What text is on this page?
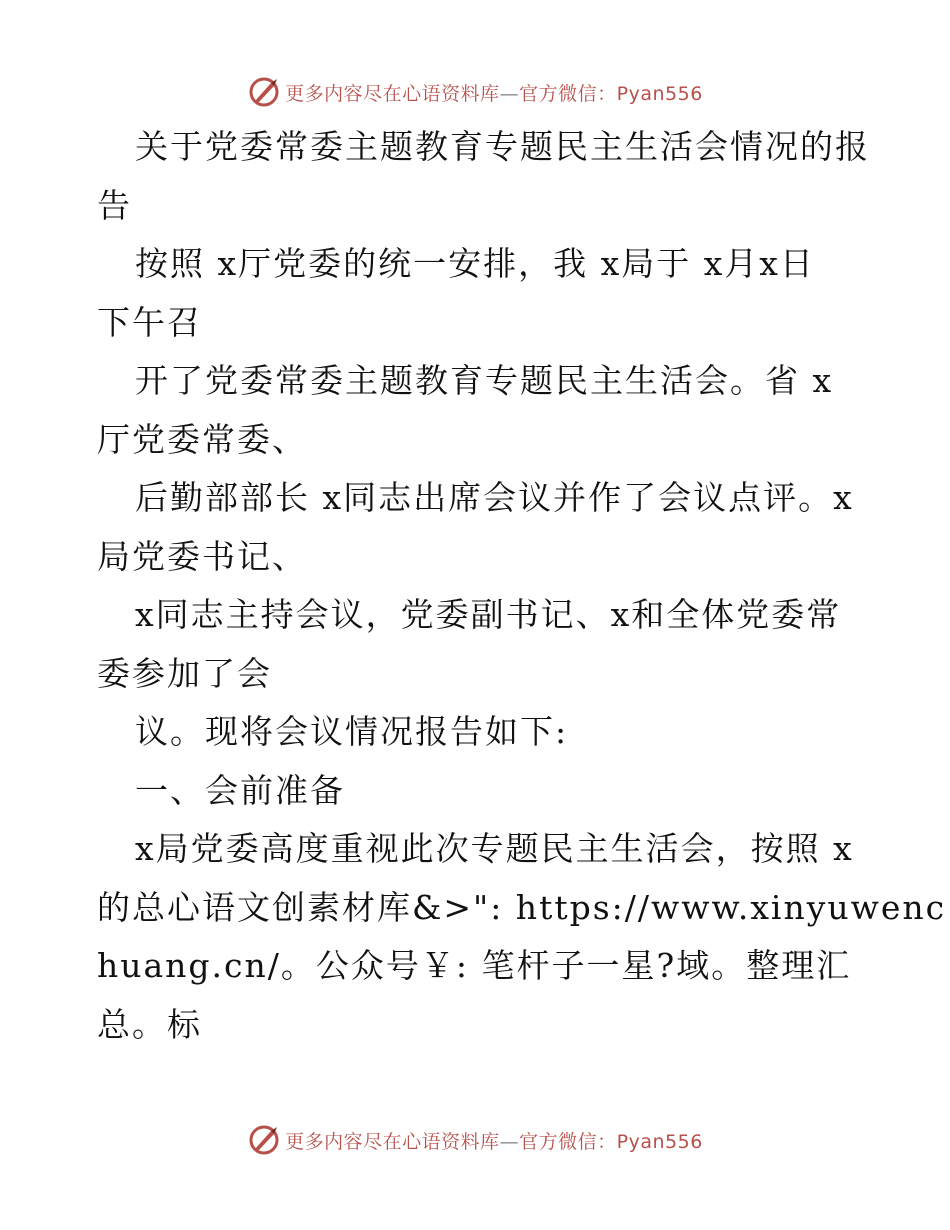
更多内容尽在心语资料库—官方微信：Pyan556
关于党委常委主题教育专题民主生活会情况的报
告
按照 x厅党委的统一安排，我 x局于 x月x日
下午召
开了党委常委主题教育专题民主生活会。省 x
厅党委常委、
后勤部部长 x同志出席会议并作了会议点评。x
局党委书记、
x同志主持会议，党委副书记、x和全体党委常
委参加了会
议。现将会议情况报告如下:
一、会前准备
x局党委高度重视此次专题民主生活会，按照 x
的总心语文创素材库&>": https://www.xinyuwenc
huang.cn/。公众号￥: 笔杆子一星?域。整理汇
总。标
更多内容尽在心语资料库—官方微信：Pyan556
